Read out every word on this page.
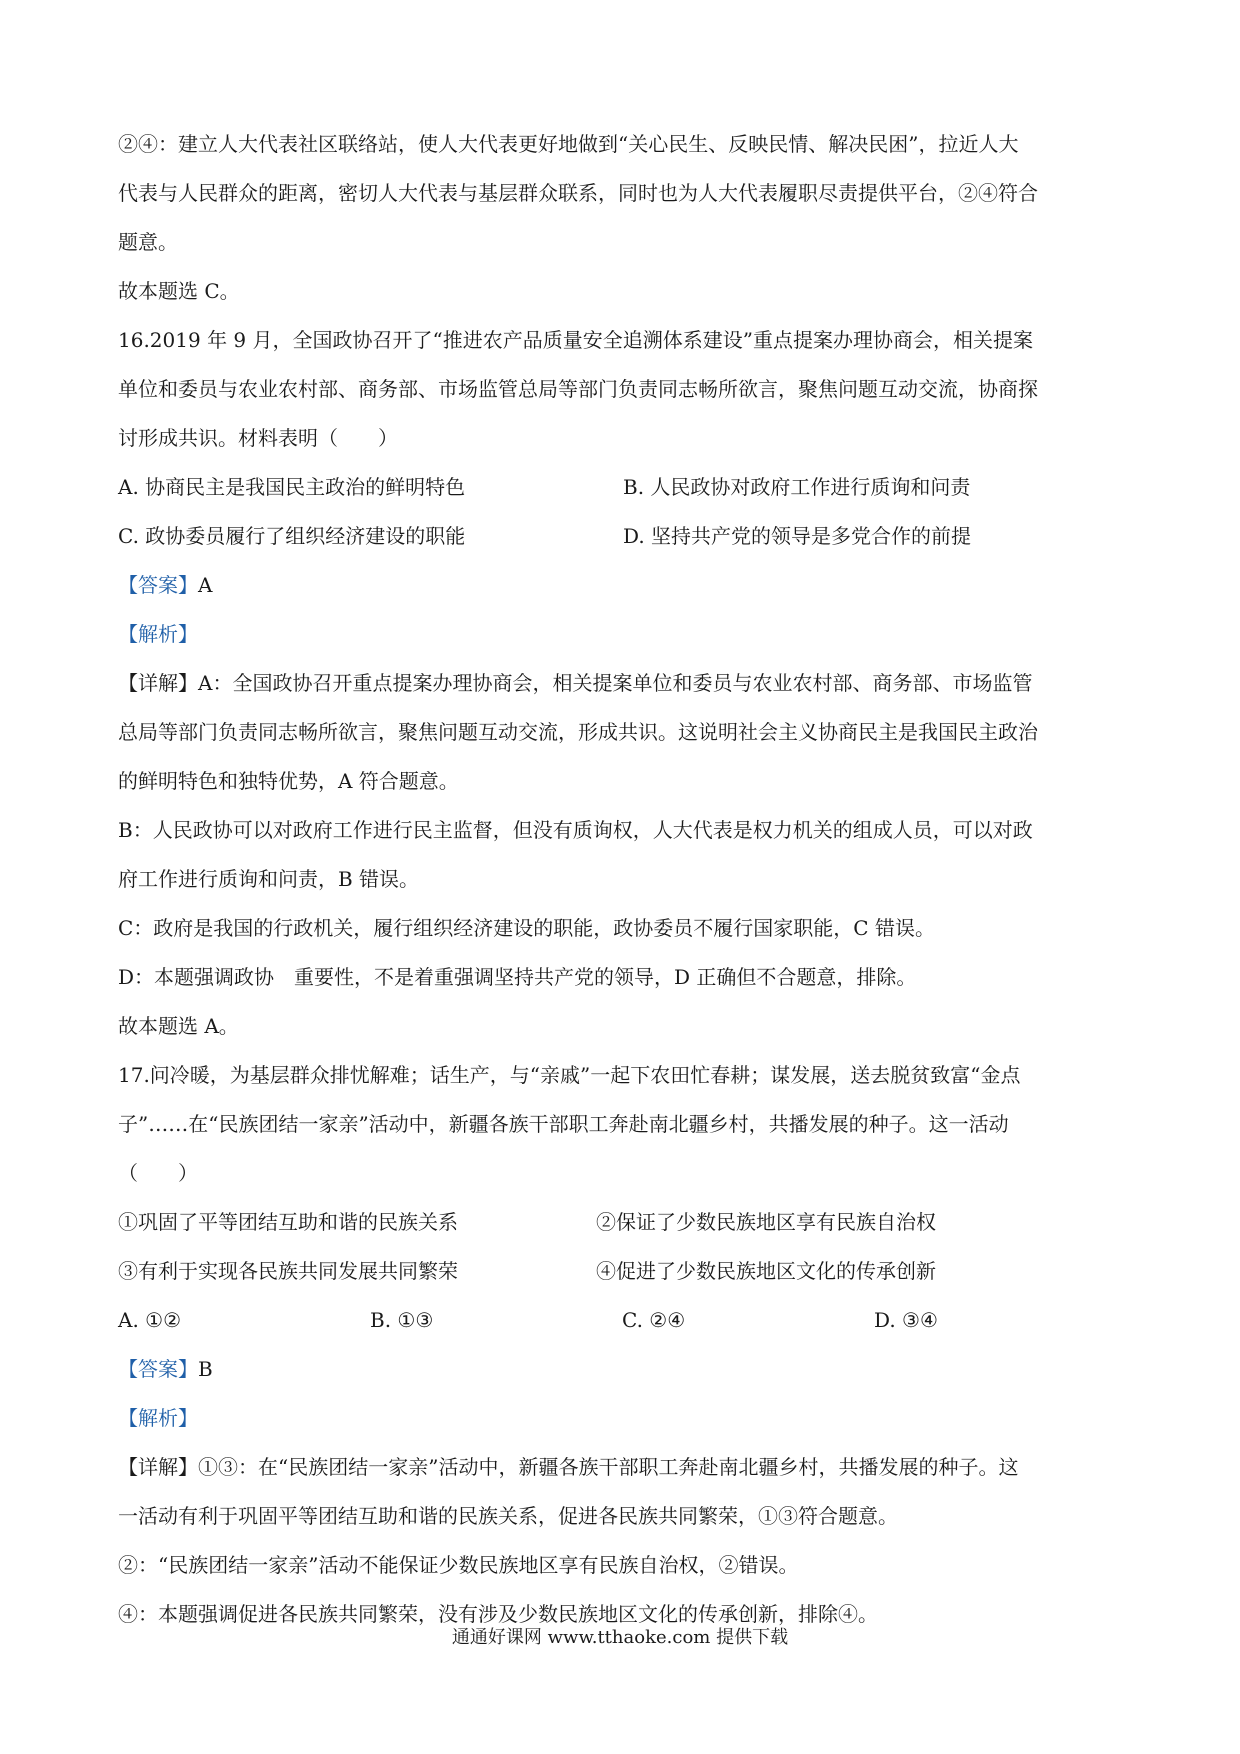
②④：建立人大代表社区联络站，使人大代表更好地做到“关心民生、反映民情、解决民困”，拉近人大
代表与人民群众的距离，密切人大代表与基层群众联系，同时也为人大代表履职尽责提供平台，②④符合
题意。
故本题选 C。
16.2019 年 9 月，全国政协召开了“推进农产品质量安全追溯体系建设”重点提案办理协商会，相关提案
单位和委员与农业农村部、商务部、市场监管总局等部门负责同志畅所欲言，聚焦问题互动交流，协商探
讨形成共识。材料表明（　　）
A. 协商民主是我国民主政治的鲜明特色	B. 人民政协对政府工作进行质询和问责
C. 政协委员履行了组织经济建设的职能	D. 坚持共产党的领导是多党合作的前提
【答案】A
【解析】
【详解】A：全国政协召开重点提案办理协商会，相关提案单位和委员与农业农村部、商务部、市场监管
总局等部门负责同志畅所欲言，聚焦问题互动交流，形成共识。这说明社会主义协商民主是我国民主政治
的鲜明特色和独特优势，A 符合题意。
B：人民政协可以对政府工作进行民主监督，但没有质询权，人大代表是权力机关的组成人员，可以对政
府工作进行质询和问责，B 错误。
C：政府是我国的行政机关，履行组织经济建设的职能，政协委员不履行国家职能，C 错误。
D：本题强调政协　重要性，不是着重强调坚持共产党的领导，D 正确但不合题意，排除。
故本题选 A。
17.问冷暖，为基层群众排忧解难；话生产，与“亲戚”一起下农田忙春耕；谋发展，送去脱贫致富“金点
子”……在“民族团结一家亲”活动中，新疆各族干部职工奔赴南北疆乡村，共播发展的种子。这一活动
（　　）
①巩固了平等团结互助和谐的民族关系	②保证了少数民族地区享有民族自治权
③有利于实现各民族共同发展共同繁荣	④促进了少数民族地区文化的传承创新
A. ①②	B. ①③	C. ②④	D. ③④
【答案】B
【解析】
【详解】①③：在“民族团结一家亲”活动中，新疆各族干部职工奔赴南北疆乡村，共播发展的种子。这
一活动有利于巩固平等团结互助和谐的民族关系，促进各民族共同繁荣，①③符合题意。
②：“民族团结一家亲”活动不能保证少数民族地区享有民族自治权，②错误。
④：本题强调促进各民族共同繁荣，没有涉及少数民族地区文化的传承创新，排除④。
通通好课网 www.tthaoke.com 提供下载
